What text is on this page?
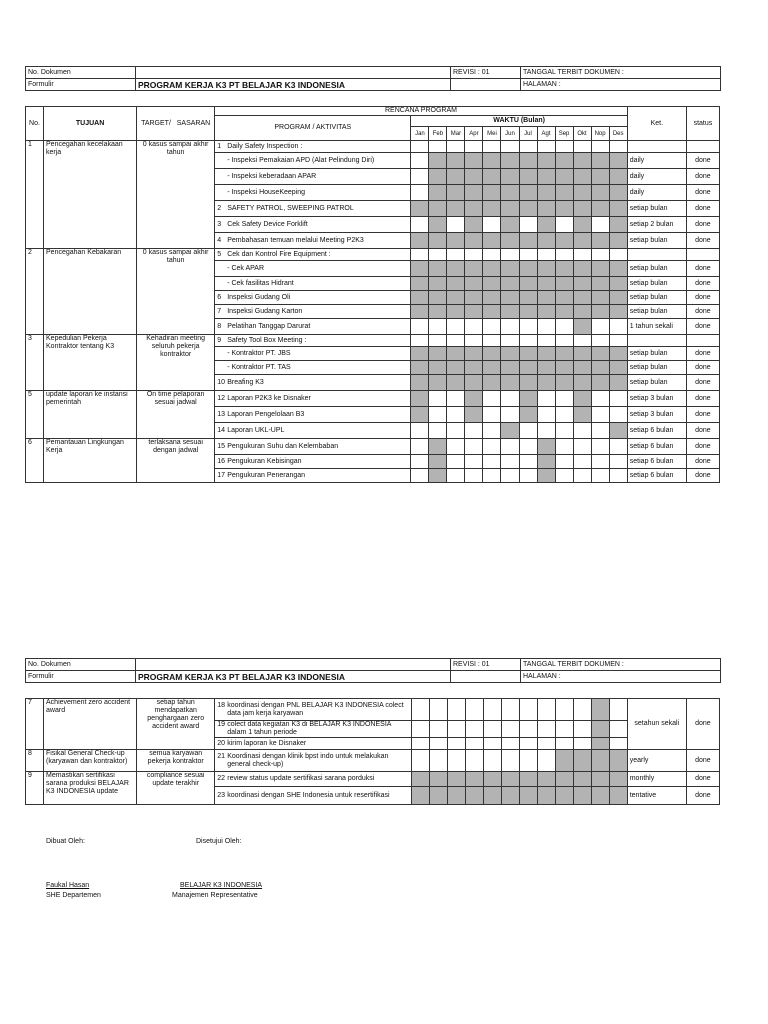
No. Dokumen		REVISI : 01	TANGGAL TERBIT DOKUMEN :
Formulir	PROGRAM KERJA K3 PT BELAJAR K3 INDONESIA		HALAMAN :
No.	TUJUAN	TARGET/ SASARAN	RENCANA PROGRAM													Ket.	status
			PROGRAM / AKTIVITAS	WAKTU (Bulan)													
				Jan	Feb	Mar	Apr	Mei	Jun	Jul	Agt	Sep	Okt	Nop	Des		
1	Pencegahan kecelakaan kerja	0 kasus sampai akhir tahun	1 Daily Safety Inspection :														
			- Inspeksi Pemakaian APD (Alat Pelindung Diri)													daily	done
			- Inspeksi keberadaan APAR													daily	done
			- Inspeksi HouseKeeping													daily	done
			2 SAFETY PATROL, SWEEPING PATROL													setiap bulan	done
			3 Cek Safety Device Forklift													setiap 2 bulan	done
			4 Pembahasan temuan melalui Meeting P2K3													setiap bulan	done
2	Pencegahan Kebakaran	0 kasus sampai akhir tahun	5 Cek dan Kontrol Fire Equipment :														
			- Cek APAR													setiap bulan	done
			- Cek fasilitas Hidrant													setiap bulan	done
			6 Inspeksi Gudang Oli													setiap bulan	done
			7 Inspeksi Gudang Karton													setiap bulan	done
			8 Pelatihan Tanggap Darurat													1 tahun sekali	done
3	Kepedulian Pekerja Kontraktor tentang K3	Kehadiran meeting seluruh pekerja kontraktor	9 Safety Tool Box Meeting :														
			- Kontraktor PT. JBS													setiap bulan	done
			- Kontraktor PT. TAS													setiap bulan	done
			10 Breafing K3													setiap bulan	done
5	update laporan ke instansi pemerintah	On time pelaporan sesuai jadwal	12 Laporan P2K3 ke Disnaker													setiap 3 bulan	done
			13 Laporan Pengelolaan B3													setiap 3 bulan	done
			14 Laporan UKL-UPL													setiap 6 bulan	done
6	Pemantauan Lingkungan Kerja	terlaksana sesuai dengan jadwal	15 Pengukuran Suhu dan Kelembaban													setiap 6 bulan	done
			16 Pengukuran Kebisingan													setiap 6 bulan	done
			17 Pengukuran Penerangan													setiap 6 bulan	done
No. Dokumen		REVISI : 01	TANGGAL TERBIT DOKUMEN :
Formulir	PROGRAM KERJA K3 PT BELAJAR K3 INDONESIA		HALAMAN :
7	Achievement zero accident award	setiap tahun mendapatkan penghargaan zero accident award	18 koordinasi dengan PNL BELAJAR K3 INDONESIA colect data jam kerja karyawan													setahun sekali	done
			19 colect data kegiatan K3 di BELAJAR K3 INDONESIA dalam 1 tahun periode														
			20 kirim laporan ke Disnaker														
8	Fisikal General Check-up (karyawan dan kontraktor)	semua karyawan pekerja kontraktor	21 Koordinasi dengan klinik bpst indo untuk melakukan general check-up)													yearly	done
9	Memastikan sertifikasi sarana produksi BELAJAR K3 INDONESIA update	compliance sesuai update terakhir	22 review status update sertifikasi sarana porduksi													monthly	done
			23 koordinasi dengan SHE Indonesia untuk resertifikasi													tentative	done
Dibuat Oleh:	Disetujui Oleh:
Faukal Hasan
SHE Departemen
BELAJAR K3 INDONESIA
Manajemen Representative
